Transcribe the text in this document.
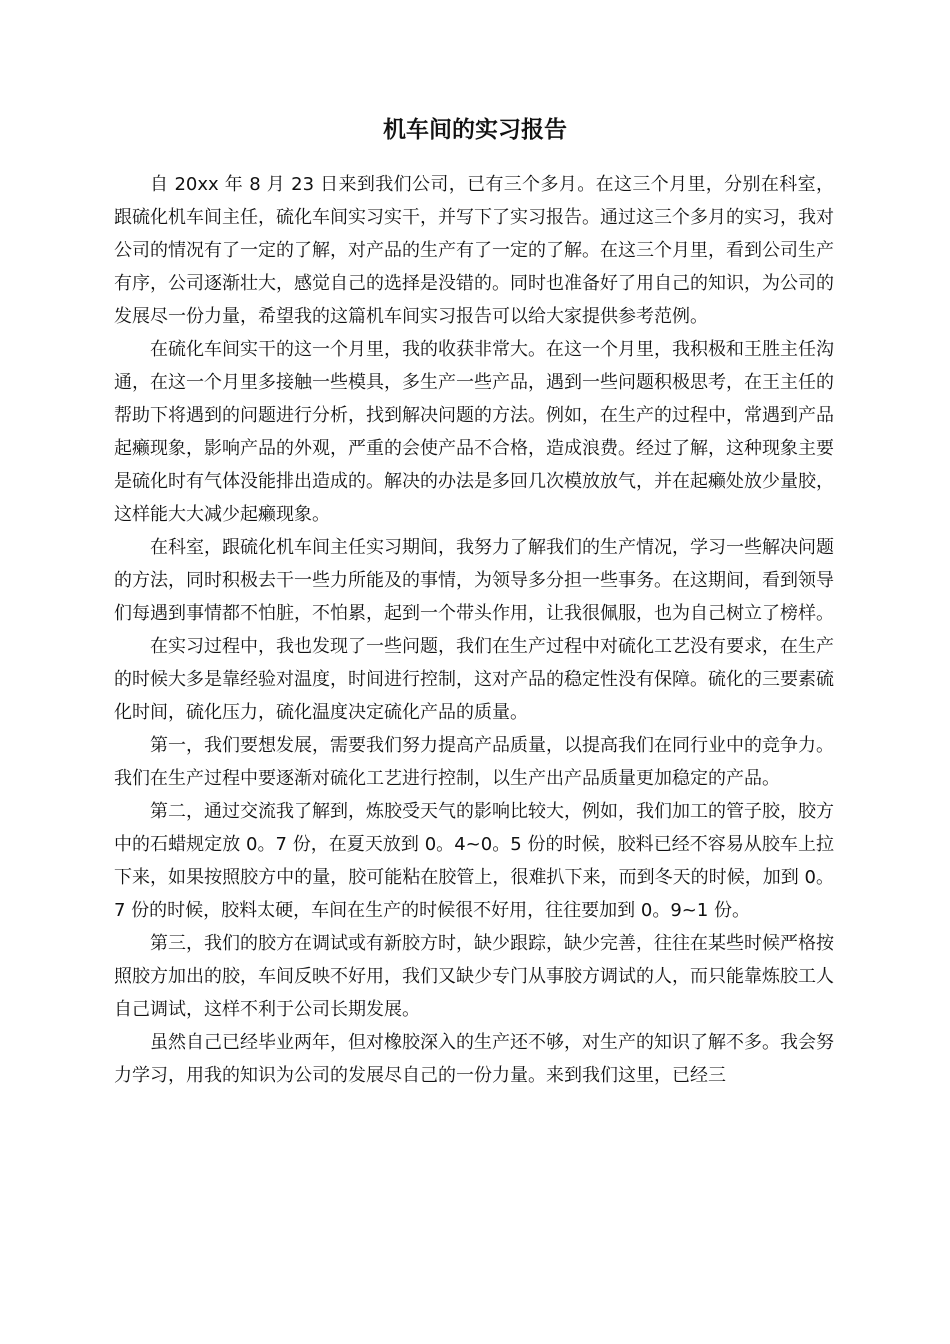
机车间的实习报告

自 20xx 年 8 月 23 日来到我们公司，已有三个多月。在这三个月里，分别在科室，跟硫化机车间主任，硫化车间实习实干，并写下了实习报告。通过这三个多月的实习，我对公司的情况有了一定的了解，对产品的生产有了一定的了解。在这三个月里，看到公司生产有序，公司逐渐壮大，感觉自己的选择是没错的。同时也准备好了用自己的知识，为公司的发展尽一份力量，希望我的这篇机车间实习报告可以给大家提供参考范例。

在硫化车间实干的这一个月里，我的收获非常大。在这一个月里，我积极和王胜主任沟通，在这一个月里多接触一些模具，多生产一些产品，遇到一些问题积极思考，在王主任的帮助下将遇到的问题进行分析，找到解决问题的方法。例如，在生产的过程中，常遇到产品起癞现象，影响产品的外观，严重的会使产品不合格，造成浪费。经过了解，这种现象主要是硫化时有气体没能排出造成的。解决的办法是多回几次模放放气，并在起癞处放少量胶，这样能大大减少起癞现象。

在科室，跟硫化机车间主任实习期间，我努力了解我们的生产情况，学习一些解决问题的方法，同时积极去干一些力所能及的事情，为领导多分担一些事务。在这期间，看到领导们每遇到事情都不怕脏，不怕累，起到一个带头作用，让我很佩服，也为自己树立了榜样。

在实习过程中，我也发现了一些问题，我们在生产过程中对硫化工艺没有要求，在生产的时候大多是靠经验对温度，时间进行控制，这对产品的稳定性没有保障。硫化的三要素硫化时间，硫化压力，硫化温度决定硫化产品的质量。

第一，我们要想发展，需要我们努力提高产品质量，以提高我们在同行业中的竞争力。我们在生产过程中要逐渐对硫化工艺进行控制，以生产出产品质量更加稳定的产品。

第二，通过交流我了解到，炼胶受天气的影响比较大，例如，我们加工的管子胶，胶方中的石蜡规定放 0。7 份，在夏天放到 0。4~0。5 份的时候，胶料已经不容易从胶车上拉下来，如果按照胶方中的量，胶可能粘在胶管上，很难扒下来，而到冬天的时候，加到 0。7 份的时候，胶料太硬，车间在生产的时候很不好用，往往要加到 0。9~1 份。

第三，我们的胶方在调试或有新胶方时，缺少跟踪，缺少完善，往往在某些时候严格按照胶方加出的胶，车间反映不好用，我们又缺少专门从事胶方调试的人，而只能靠炼胶工人自己调试，这样不利于公司长期发展。

虽然自己已经毕业两年，但对橡胶深入的生产还不够，对生产的知识了解不多。我会努力学习，用我的知识为公司的发展尽自己的一份力量。来到我们这里，已经三
